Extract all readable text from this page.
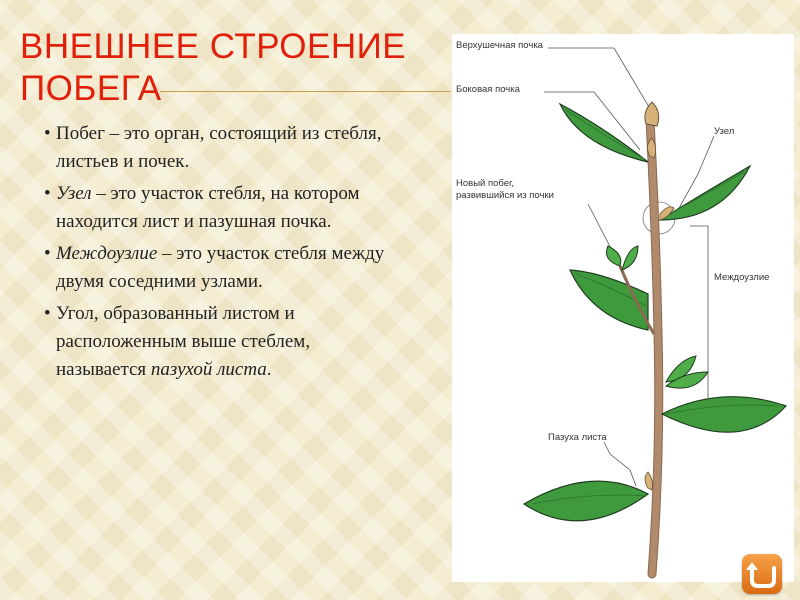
ВНЕШНЕЕ СТРОЕНИЕ
ПОБЕГА
• Побег – это орган, состоящий из стебля, листьев и почек.
• Узел – это участок стебля, на котором находится лист и пазушная почка.
• Междоузлие – это участок стебля между двумя соседними узлами.
• Угол, образованный листом и расположенным выше стеблем, называется пазухой листа.
Верхушечная почка
Боковая почка
Узел
Новый побег,
развившийся из почки
Междоузлие
Пазуха листа
